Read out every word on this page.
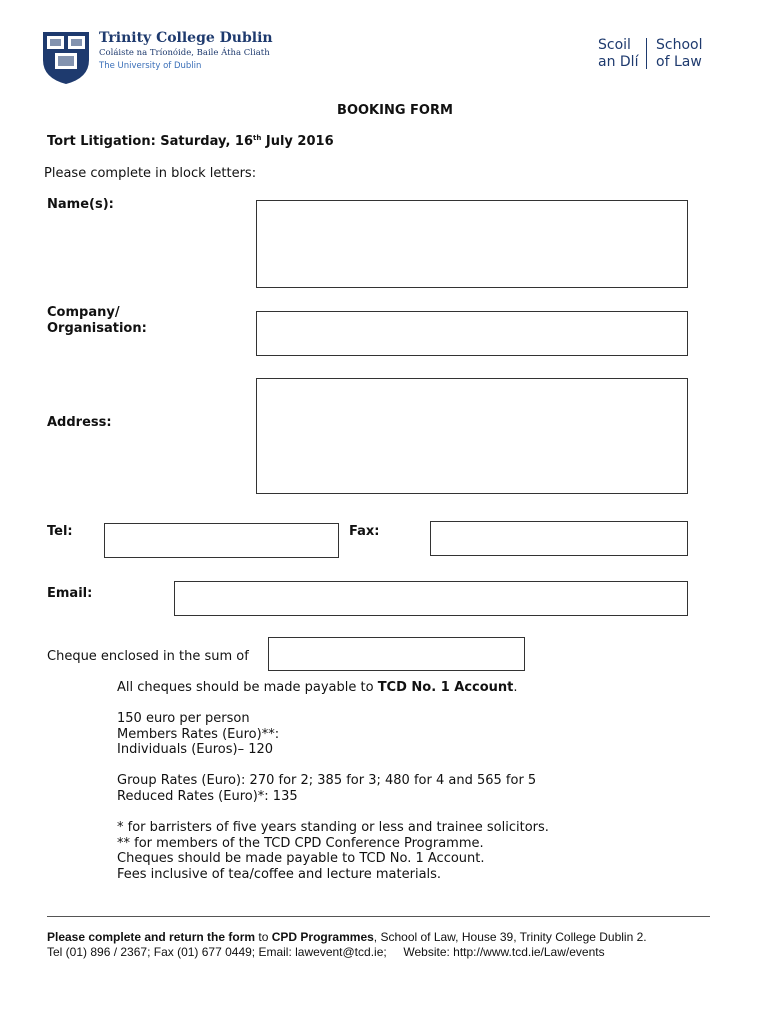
Trinity College Dublin
Coláiste na Tríonóide, Baile Átha Cliath
The University of Dublin
Scoil
an Dlí
School
of Law
BOOKING FORM
Tort Litigation: Saturday, 16th July 2016
Please complete in block letters:
Name(s):
Company/
Organisation:
Address:
Tel:	Fax:
Email:
Cheque enclosed in the sum of
All cheques should be made payable to TCD No. 1 Account.
150 euro per person
Members Rates (Euro)**:
Individuals (Euros)– 120
Group Rates (Euro): 270 for 2; 385 for 3; 480 for 4 and 565 for 5
Reduced Rates (Euro)*: 135
* for barristers of five years standing or less and trainee solicitors.
** for members of the TCD CPD Conference Programme.
Cheques should be made payable to TCD No. 1 Account.
Fees inclusive of tea/coffee and lecture materials.
Please complete and return the form to CPD Programmes, School of Law, House 39, Trinity College Dublin 2.
Tel (01) 896 / 2367; Fax (01) 677 0449; Email: lawevent@tcd.ie;     Website: http://www.tcd.ie/Law/events
